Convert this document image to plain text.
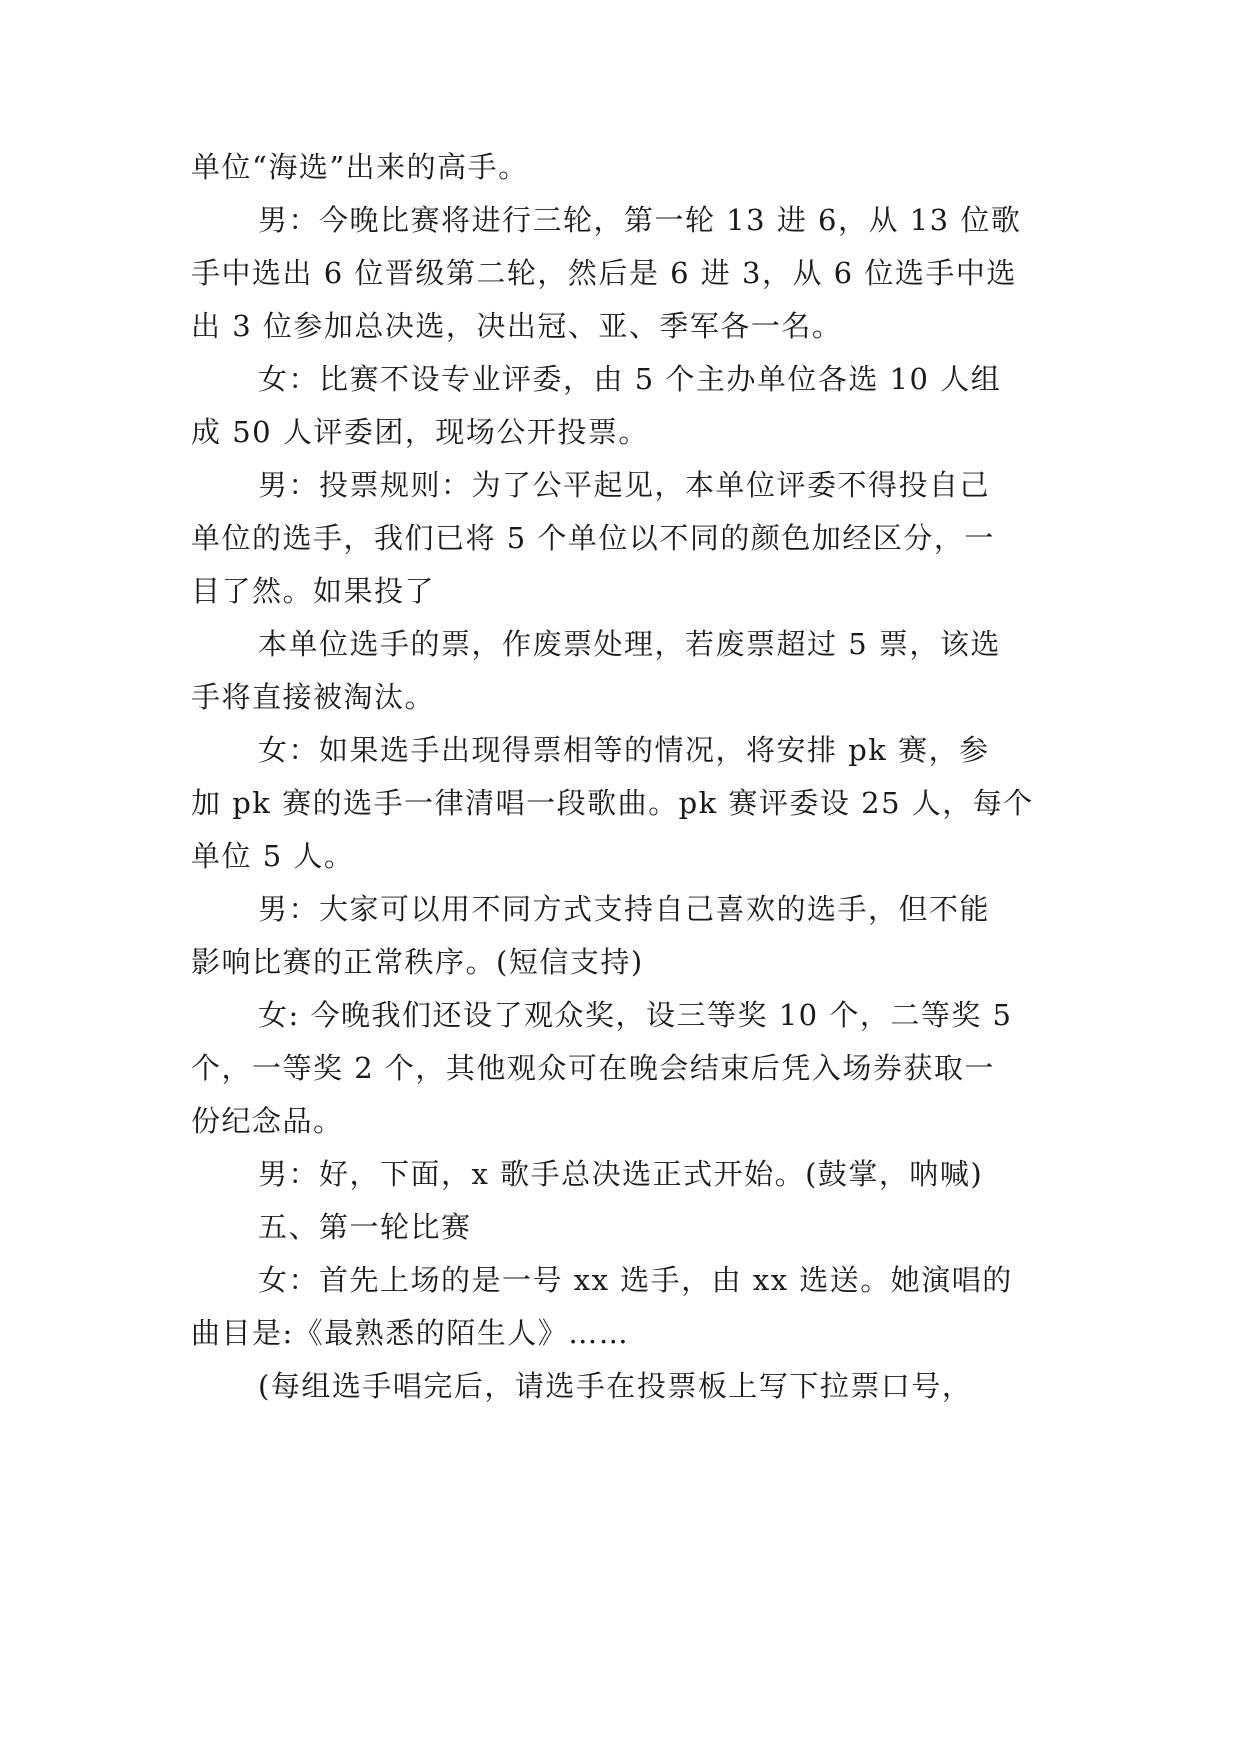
单位“海选”出来的高手。
男：今晚比赛将进行三轮，第一轮 13 进 6，从 13 位歌
手中选出 6 位晋级第二轮，然后是 6 进 3，从 6 位选手中选
出 3 位参加总决选，决出冠、亚、季军各一名。
女：比赛不设专业评委，由 5 个主办单位各选 10 人组
成 50 人评委团，现场公开投票。
男：投票规则：为了公平起见，本单位评委不得投自己
单位的选手，我们已将 5 个单位以不同的颜色加经区分，一
目了然。如果投了
本单位选手的票，作废票处理，若废票超过 5 票，该选
手将直接被淘汰。
女：如果选手出现得票相等的情况，将安排 pk 赛，参
加 pk 赛的选手一律清唱一段歌曲。pk 赛评委设 25 人，每个
单位 5 人。
男：大家可以用不同方式支持自己喜欢的选手，但不能
影响比赛的正常秩序。(短信支持)
女: 今晚我们还设了观众奖，设三等奖 10 个，二等奖 5
个，一等奖 2 个，其他观众可在晚会结束后凭入场券获取一
份纪念品。
男：好，下面，x 歌手总决选正式开始。(鼓掌，呐喊)
五、第一轮比赛
女：首先上场的是一号 xx 选手，由 xx 选送。她演唱的
曲目是:《最熟悉的陌生人》……
(每组选手唱完后，请选手在投票板上写下拉票口号，
